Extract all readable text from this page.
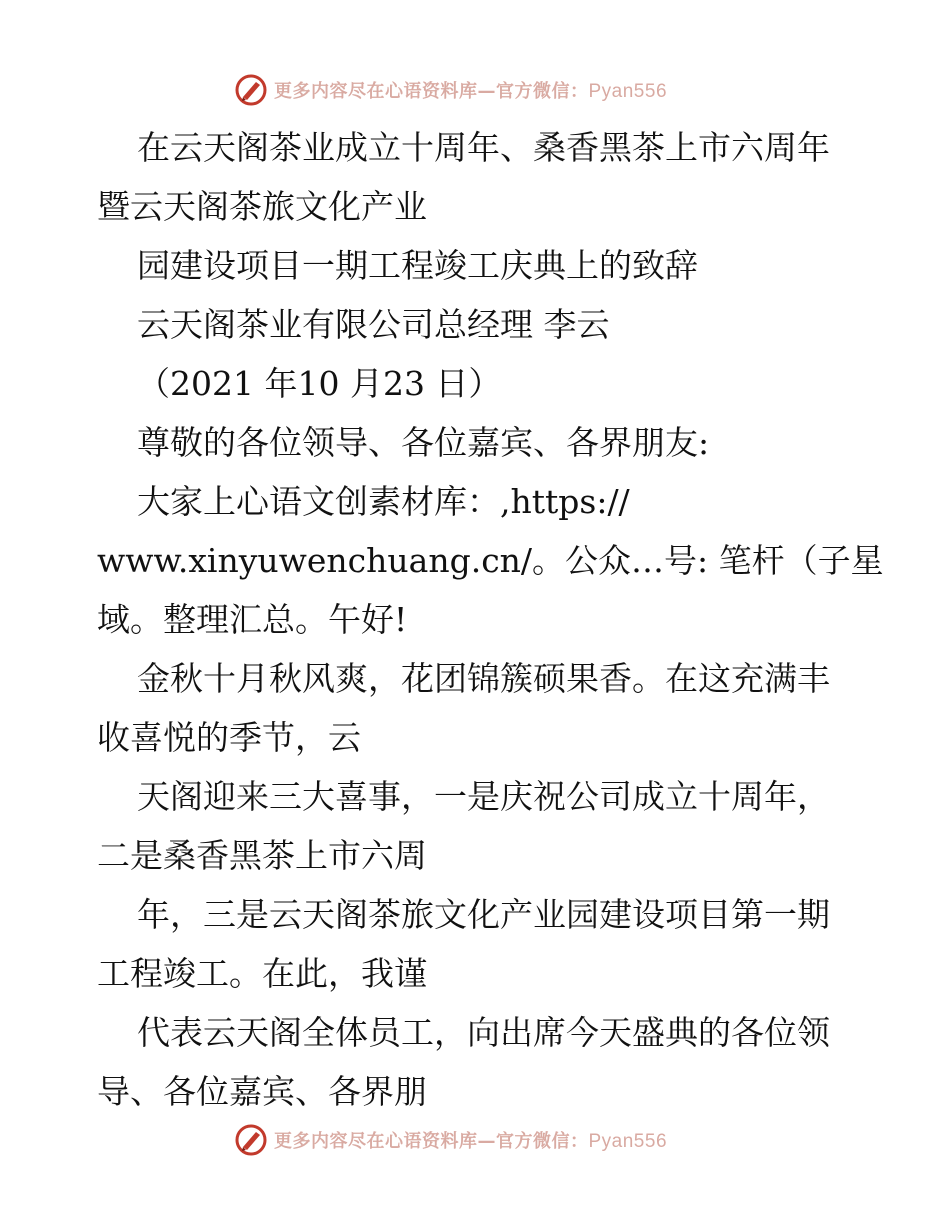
更多内容尽在心语资料库—官方微信：Pyan556

在云天阁茶业成立十周年、桑香黑茶上市六周年

暨云天阁茶旅文化产业

园建设项目一期工程竣工庆典上的致辞

云天阁茶业有限公司总经理 李云

（2021 年10 月23 日）

尊敬的各位领导、各位嘉宾、各界朋友:

大家上心语文创素材库：,https://

www.xinyuwenchuang.cn/。公众…号: 笔杆（子星

域。整理汇总。午好!

金秋十月秋风爽，花团锦簇硕果香。在这充满丰

收喜悦的季节，云

天阁迎来三大喜事，一是庆祝公司成立十周年，

二是桑香黑茶上市六周

年，三是云天阁茶旅文化产业园建设项目第一期

工程竣工。在此，我谨

代表云天阁全体员工，向出席今天盛典的各位领

导、各位嘉宾、各界朋

更多内容尽在心语资料库—官方微信：Pyan556
